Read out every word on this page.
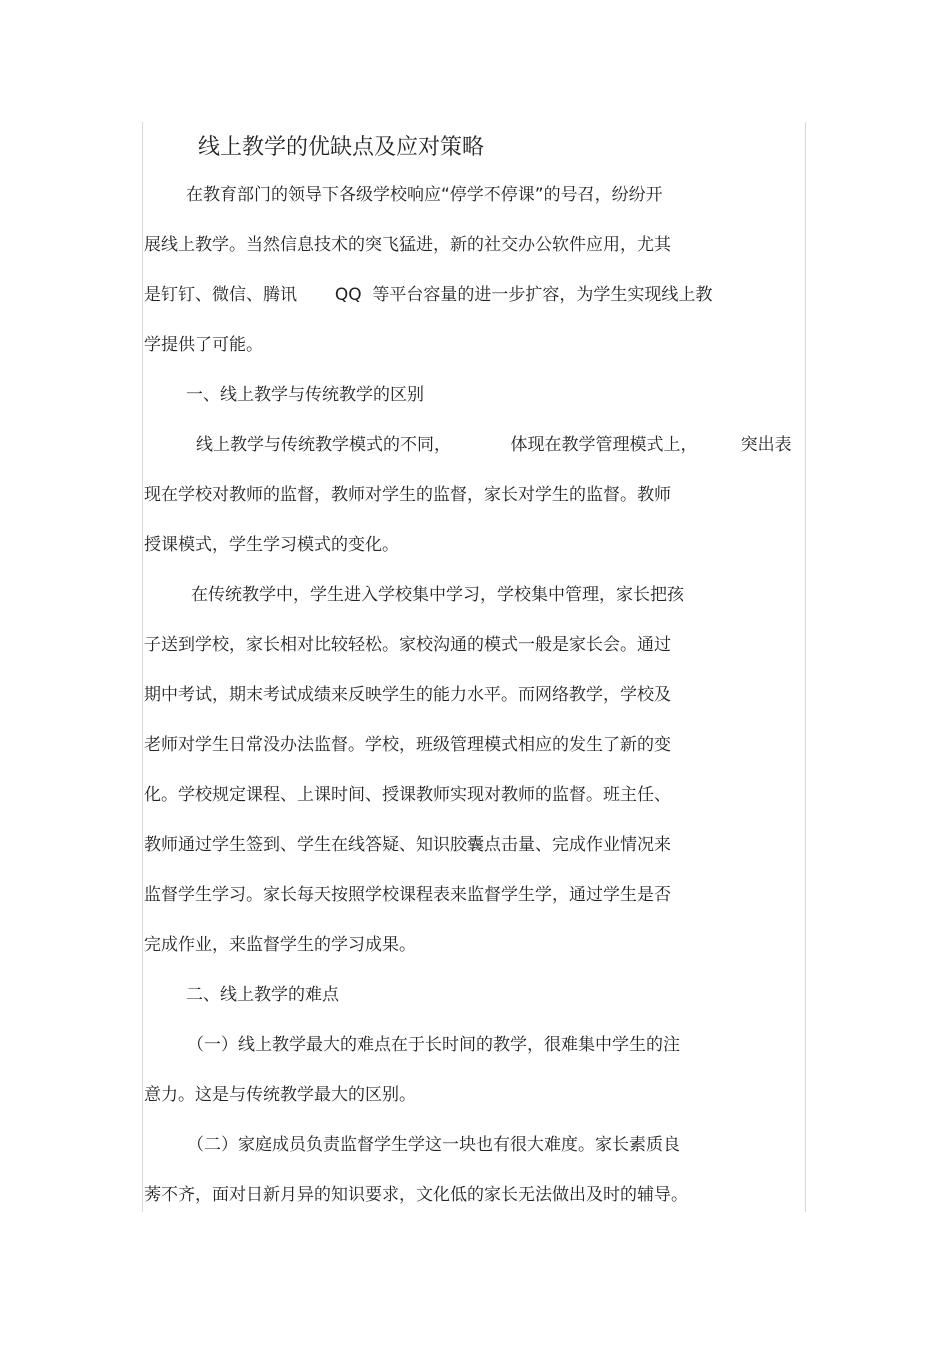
线上教学的优缺点及应对策略
在教育部门的领导下各级学校响应“停学不停课”的号召，纷纷开
展线上教学。当然信息技术的突飞猛进，新的社交办公软件应用，尤其
是钉钉、微信、腾讯       QQ  等平台容量的进一步扩容，为学生实现线上教
学提供了可能。
一、线上教学与传统教学的区别
线上教学与传统教学模式的不同，           体现在教学管理模式上，        突出表
现在学校对教师的监督，教师对学生的监督，家长对学生的监督。教师
授课模式，学生学习模式的变化。
在传统教学中，学生进入学校集中学习，学校集中管理，家长把孩
子送到学校，家长相对比较轻松。家校沟通的模式一般是家长会。通过
期中考试，期末考试成绩来反映学生的能力水平。而网络教学，学校及
老师对学生日常没办法监督。学校，班级管理模式相应的发生了新的变
化。学校规定课程、上课时间、授课教师实现对教师的监督。班主任、
教师通过学生签到、学生在线答疑、知识胶囊点击量、完成作业情况来
监督学生学习。家长每天按照学校课程表来监督学生学，通过学生是否
完成作业，来监督学生的学习成果。
二、线上教学的难点
（一）线上教学最大的难点在于长时间的教学，很难集中学生的注
意力。这是与传统教学最大的区别。
（二）家庭成员负责监督学生学这一块也有很大难度。家长素质良
莠不齐，面对日新月异的知识要求，文化低的家长无法做出及时的辅导。
